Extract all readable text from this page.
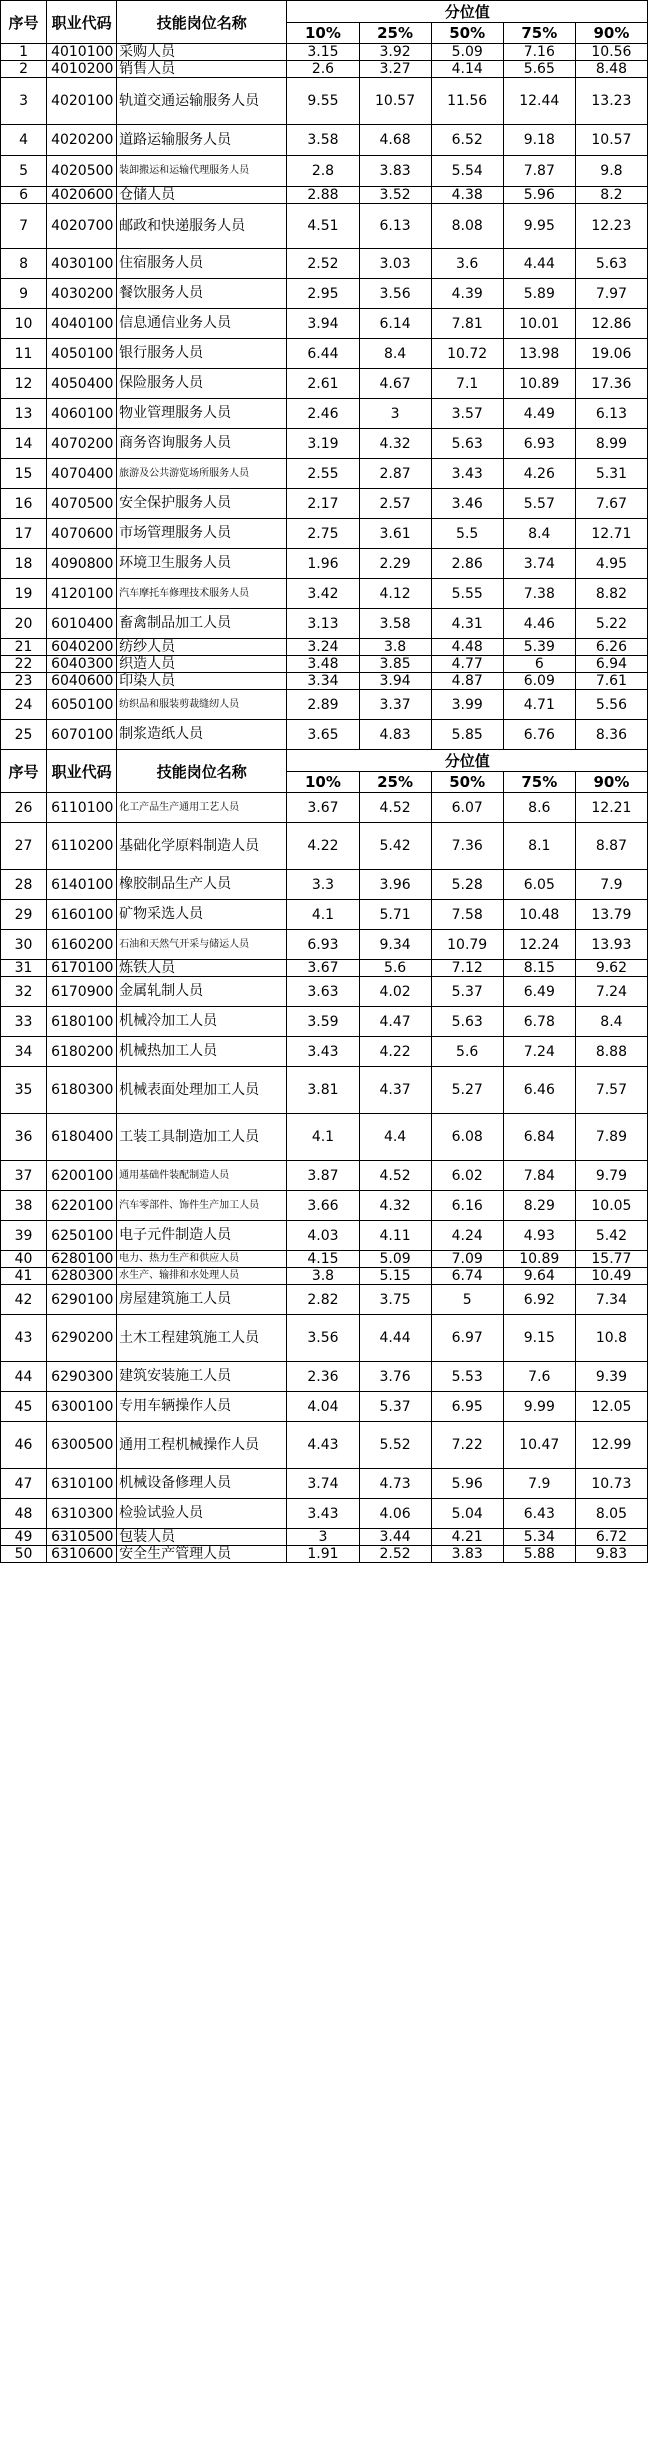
序号	职业代码	技能岗位名称	分位值				
			10%	25%	50%	75%	90%
1	4010100	采购人员	3.15	3.92	5.09	7.16	10.56
2	4010200	销售人员	2.6	3.27	4.14	5.65	8.48
3	4020100	轨道交通运输服务人员	9.55	10.57	11.56	12.44	13.23
4	4020200	道路运输服务人员	3.58	4.68	6.52	9.18	10.57
5	4020500	装卸搬运和运输代理服务人员	2.8	3.83	5.54	7.87	9.8
6	4020600	仓储人员	2.88	3.52	4.38	5.96	8.2
7	4020700	邮政和快递服务人员	4.51	6.13	8.08	9.95	12.23
8	4030100	住宿服务人员	2.52	3.03	3.6	4.44	5.63
9	4030200	餐饮服务人员	2.95	3.56	4.39	5.89	7.97
10	4040100	信息通信业务人员	3.94	6.14	7.81	10.01	12.86
11	4050100	银行服务人员	6.44	8.4	10.72	13.98	19.06
12	4050400	保险服务人员	2.61	4.67	7.1	10.89	17.36
13	4060100	物业管理服务人员	2.46	3	3.57	4.49	6.13
14	4070200	商务咨询服务人员	3.19	4.32	5.63	6.93	8.99
15	4070400	旅游及公共游览场所服务人员	2.55	2.87	3.43	4.26	5.31
16	4070500	安全保护服务人员	2.17	2.57	3.46	5.57	7.67
17	4070600	市场管理服务人员	2.75	3.61	5.5	8.4	12.71
18	4090800	环境卫生服务人员	1.96	2.29	2.86	3.74	4.95
19	4120100	汽车摩托车修理技术服务人员	3.42	4.12	5.55	7.38	8.82
20	6010400	畜禽制品加工人员	3.13	3.58	4.31	4.46	5.22
21	6040200	纺纱人员	3.24	3.8	4.48	5.39	6.26
22	6040300	织造人员	3.48	3.85	4.77	6	6.94
23	6040600	印染人员	3.34	3.94	4.87	6.09	7.61
24	6050100	纺织品和服装剪裁缝纫人员	2.89	3.37	3.99	4.71	5.56
25	6070100	制浆造纸人员	3.65	4.83	5.85	6.76	8.36
序号	职业代码	技能岗位名称	分位值				
			10%	25%	50%	75%	90%
26	6110100	化工产品生产通用工艺人员	3.67	4.52	6.07	8.6	12.21
27	6110200	基础化学原料制造人员	4.22	5.42	7.36	8.1	8.87
28	6140100	橡胶制品生产人员	3.3	3.96	5.28	6.05	7.9
29	6160100	矿物采选人员	4.1	5.71	7.58	10.48	13.79
30	6160200	石油和天然气开采与储运人员	6.93	9.34	10.79	12.24	13.93
31	6170100	炼铁人员	3.67	5.6	7.12	8.15	9.62
32	6170900	金属轧制人员	3.63	4.02	5.37	6.49	7.24
33	6180100	机械冷加工人员	3.59	4.47	5.63	6.78	8.4
34	6180200	机械热加工人员	3.43	4.22	5.6	7.24	8.88
35	6180300	机械表面处理加工人员	3.81	4.37	5.27	6.46	7.57
36	6180400	工装工具制造加工人员	4.1	4.4	6.08	6.84	7.89
37	6200100	通用基础件装配制造人员	3.87	4.52	6.02	7.84	9.79
38	6220100	汽车零部件、饰件生产加工人员	3.66	4.32	6.16	8.29	10.05
39	6250100	电子元件制造人员	4.03	4.11	4.24	4.93	5.42
40	6280100	电力、热力生产和供应人员	4.15	5.09	7.09	10.89	15.77
41	6280300	水生产、输排和水处理人员	3.8	5.15	6.74	9.64	10.49
42	6290100	房屋建筑施工人员	2.82	3.75	5	6.92	7.34
43	6290200	土木工程建筑施工人员	3.56	4.44	6.97	9.15	10.8
44	6290300	建筑安装施工人员	2.36	3.76	5.53	7.6	9.39
45	6300100	专用车辆操作人员	4.04	5.37	6.95	9.99	12.05
46	6300500	通用工程机械操作人员	4.43	5.52	7.22	10.47	12.99
47	6310100	机械设备修理人员	3.74	4.73	5.96	7.9	10.73
48	6310300	检验试验人员	3.43	4.06	5.04	6.43	8.05
49	6310500	包装人员	3	3.44	4.21	5.34	6.72
50	6310600	安全生产管理人员	1.91	2.52	3.83	5.88	9.83
